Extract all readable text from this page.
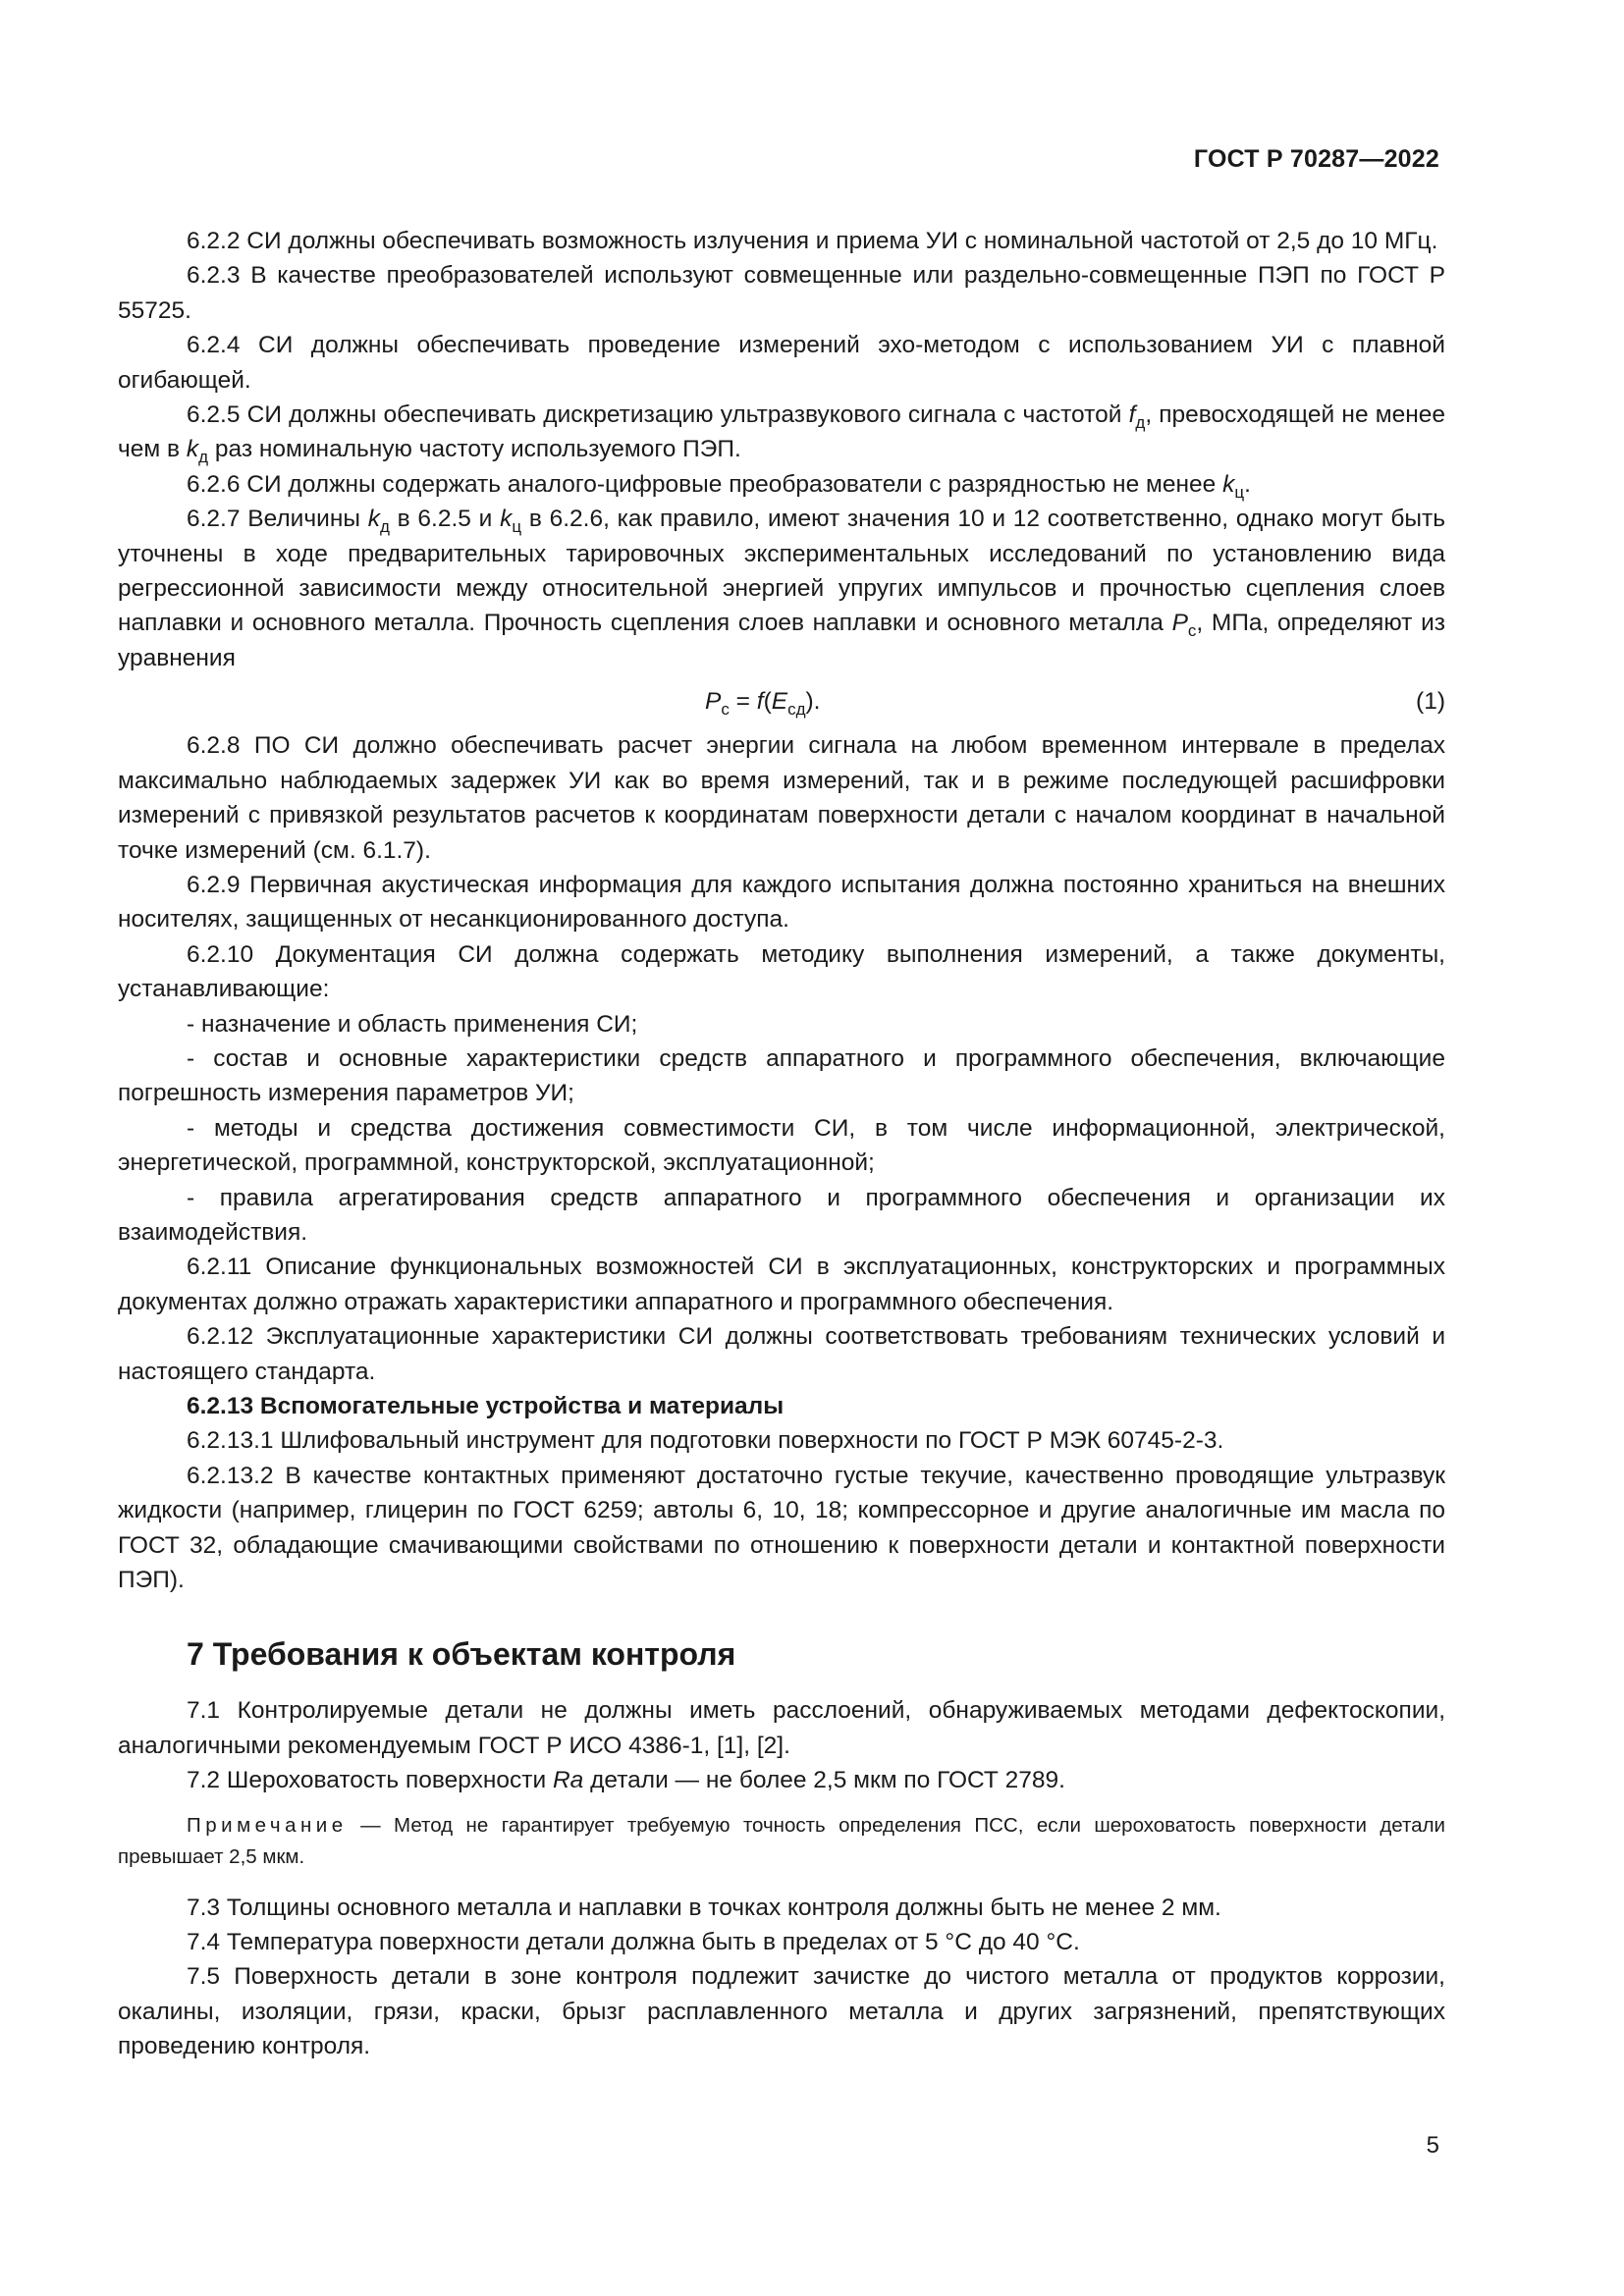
ГОСТ Р 70287—2022

6.2.2 СИ должны обеспечивать возможность излучения и приема УИ с номинальной частотой от 2,5 до 10 МГц.

6.2.3 В качестве преобразователей используют совмещенные или раздельно-совмещенные ПЭП по ГОСТ Р 55725.

6.2.4 СИ должны обеспечивать проведение измерений эхо-методом с использованием УИ с плавной огибающей.

6.2.5 СИ должны обеспечивать дискретизацию ультразвукового сигнала с частотой $f_д$, превосходящей не менее чем в $k_д$ раз номинальную частоту используемого ПЭП.

6.2.6 СИ должны содержать аналого-цифровые преобразователи с разрядностью не менее $k_ц$.

6.2.7 Величины $k_д$ в 6.2.5 и $k_ц$ в 6.2.6, как правило, имеют значения 10 и 12 соответственно, однако могут быть уточнены в ходе предварительных тарировочных экспериментальных исследований по установлению вида регрессионной зависимости между относительной энергией упругих импульсов и прочностью сцепления слоев наплавки и основного металла. Прочность сцепления слоев наплавки и основного металла $P_с$, МПа, определяют из уравнения

$P_с = f(E_{сд})$.	(1)

6.2.8 ПО СИ должно обеспечивать расчет энергии сигнала на любом временном интервале в пределах максимально наблюдаемых задержек УИ как во время измерений, так и в режиме последующей расшифровки измерений с привязкой результатов расчетов к координатам поверхности детали с началом координат в начальной точке измерений (см. 6.1.7).

6.2.9 Первичная акустическая информация для каждого испытания должна постоянно храниться на внешних носителях, защищенных от несанкционированного доступа.

6.2.10 Документация СИ должна содержать методику выполнения измерений, а также документы, устанавливающие:

- назначение и область применения СИ;

- состав и основные характеристики средств аппаратного и программного обеспечения, включающие погрешность измерения параметров УИ;

- методы и средства достижения совместимости СИ, в том числе информационной, электрической, энергетической, программной, конструкторской, эксплуатационной;

- правила агрегатирования средств аппаратного и программного обеспечения и организации их взаимодействия.

6.2.11 Описание функциональных возможностей СИ в эксплуатационных, конструкторских и программных документах должно отражать характеристики аппаратного и программного обеспечения.

6.2.12 Эксплуатационные характеристики СИ должны соответствовать требованиям технических условий и настоящего стандарта.

6.2.13 Вспомогательные устройства и материалы

6.2.13.1 Шлифовальный инструмент для подготовки поверхности по ГОСТ Р МЭК 60745-2-3.

6.2.13.2 В качестве контактных применяют достаточно густые текучие, качественно проводящие ультразвук жидкости (например, глицерин по ГОСТ 6259; автолы 6, 10, 18; компрессорное и другие аналогичные им масла по ГОСТ 32, обладающие смачивающими свойствами по отношению к поверхности детали и контактной поверхности ПЭП).

7 Требования к объектам контроля

7.1 Контролируемые детали не должны иметь расслоений, обнаруживаемых методами дефектоскопии, аналогичными рекомендуемым ГОСТ Р ИСО 4386-1, [1], [2].

7.2 Шероховатость поверхности Ra детали — не более 2,5 мкм по ГОСТ 2789.

Примечание — Метод не гарантирует требуемую точность определения ПСС, если шероховатость поверхности детали превышает 2,5 мкм.

7.3 Толщины основного металла и наплавки в точках контроля должны быть не менее 2 мм.

7.4 Температура поверхности детали должна быть в пределах от 5 °С до 40 °С.

7.5 Поверхность детали в зоне контроля подлежит зачистке до чистого металла от продуктов коррозии, окалины, изоляции, грязи, краски, брызг расплавленного металла и других загрязнений, препятствующих проведению контроля.

5
